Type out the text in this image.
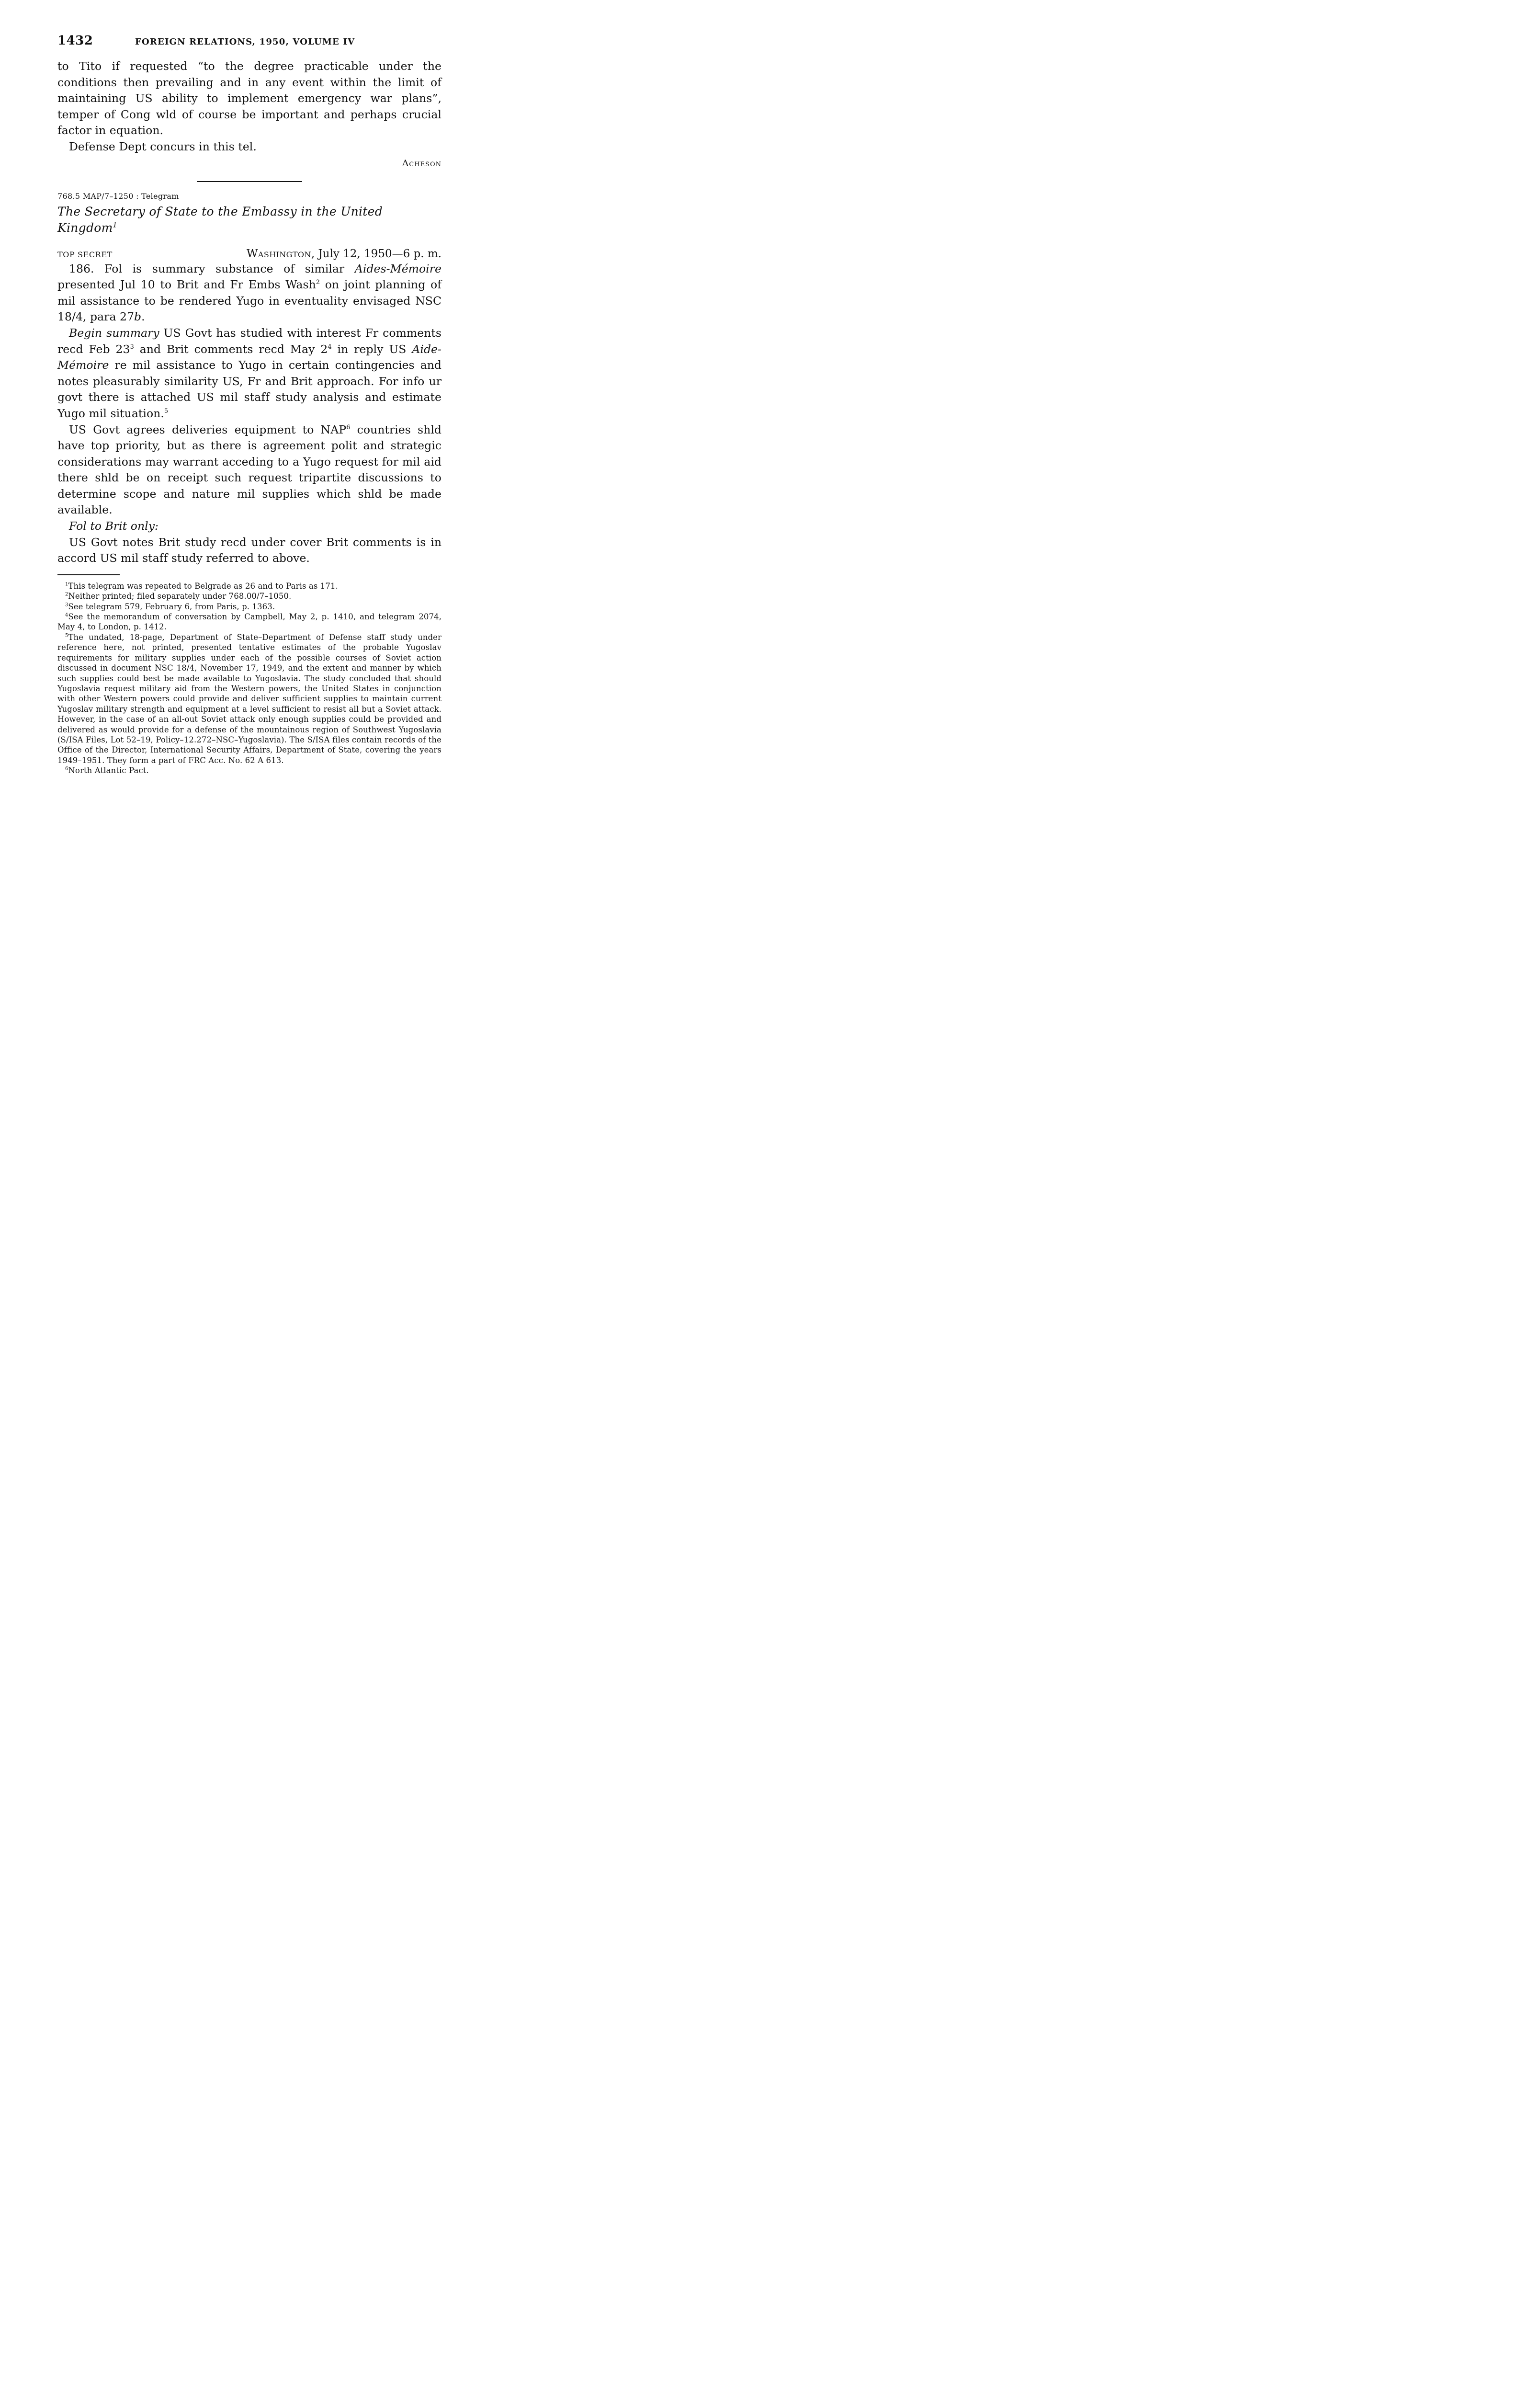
1432	FOREIGN RELATIONS, 1950, VOLUME IV

to Tito if requested “to the degree practicable under the conditions then prevailing and in any event within the limit of maintaining US ability to implement emergency war plans”, temper of Cong wld of course be important and perhaps crucial factor in equation.

Defense Dept concurs in this tel.

Acheson

768.5 MAP/7–1250 : Telegram
The Secretary of State to the Embassy in the United Kingdom$^1$
TOP SECRET	Washington, July 12, 1950—6 p. m.

186. Fol is summary substance of similar Aides-Mémoire presented Jul 10 to Brit and Fr Embs Wash$^2$ on joint planning of mil assistance to be rendered Yugo in eventuality envisaged NSC 18/4, para 27b.

Begin summary US Govt has studied with interest Fr comments recd Feb $23^3$ and Brit comments recd May $2^4$ in reply US Aide-Mémoire re mil assistance to Yugo in certain contingencies and notes pleasurably similarity US, Fr and Brit approach. For info ur govt there is attached US mil staff study analysis and estimate Yugo mil situation.$^5$

US Govt agrees deliveries equipment to NAP$^6$ countries shld have top priority, but as there is agreement polit and strategic considerations may warrant acceding to a Yugo request for mil aid there shld be on receipt such request tripartite discussions to determine scope and nature mil supplies which shld be made available.

Fol to Brit only:

US Govt notes Brit study recd under cover Brit comments is in accord US mil staff study referred to above.

$^1$This telegram was repeated to Belgrade as 26 and to Paris as 171.

$^2$Neither printed; filed separately under 768.00/7–1050.

$^3$See telegram 579, February 6, from Paris, p. 1363.

$^4$See the memorandum of conversation by Campbell, May 2, p. 1410, and telegram 2074, May 4, to London, p. 1412.

$^5$The undated, 18-page, Department of State–Department of Defense staff study under reference here, not printed, presented tentative estimates of the probable Yugoslav requirements for military supplies under each of the possible courses of Soviet action discussed in document NSC 18/4, November 17, 1949, and the extent and manner by which such supplies could best be made available to Yugoslavia. The study concluded that should Yugoslavia request military aid from the Western powers, the United States in conjunction with other Western powers could provide and deliver sufficient supplies to maintain current Yugoslav military strength and equipment at a level sufficient to resist all but a Soviet attack. However, in the case of an all-out Soviet attack only enough supplies could be provided and delivered as would provide for a defense of the mountainous region of Southwest Yugoslavia (S/ISA Files, Lot 52–19, Policy–12.272–NSC–Yugoslavia). The S/ISA files contain records of the Office of the Director, International Security Affairs, Department of State, covering the years 1949–1951. They form a part of FRC Acc. No. 62 A 613.

$^6$North Atlantic Pact.
